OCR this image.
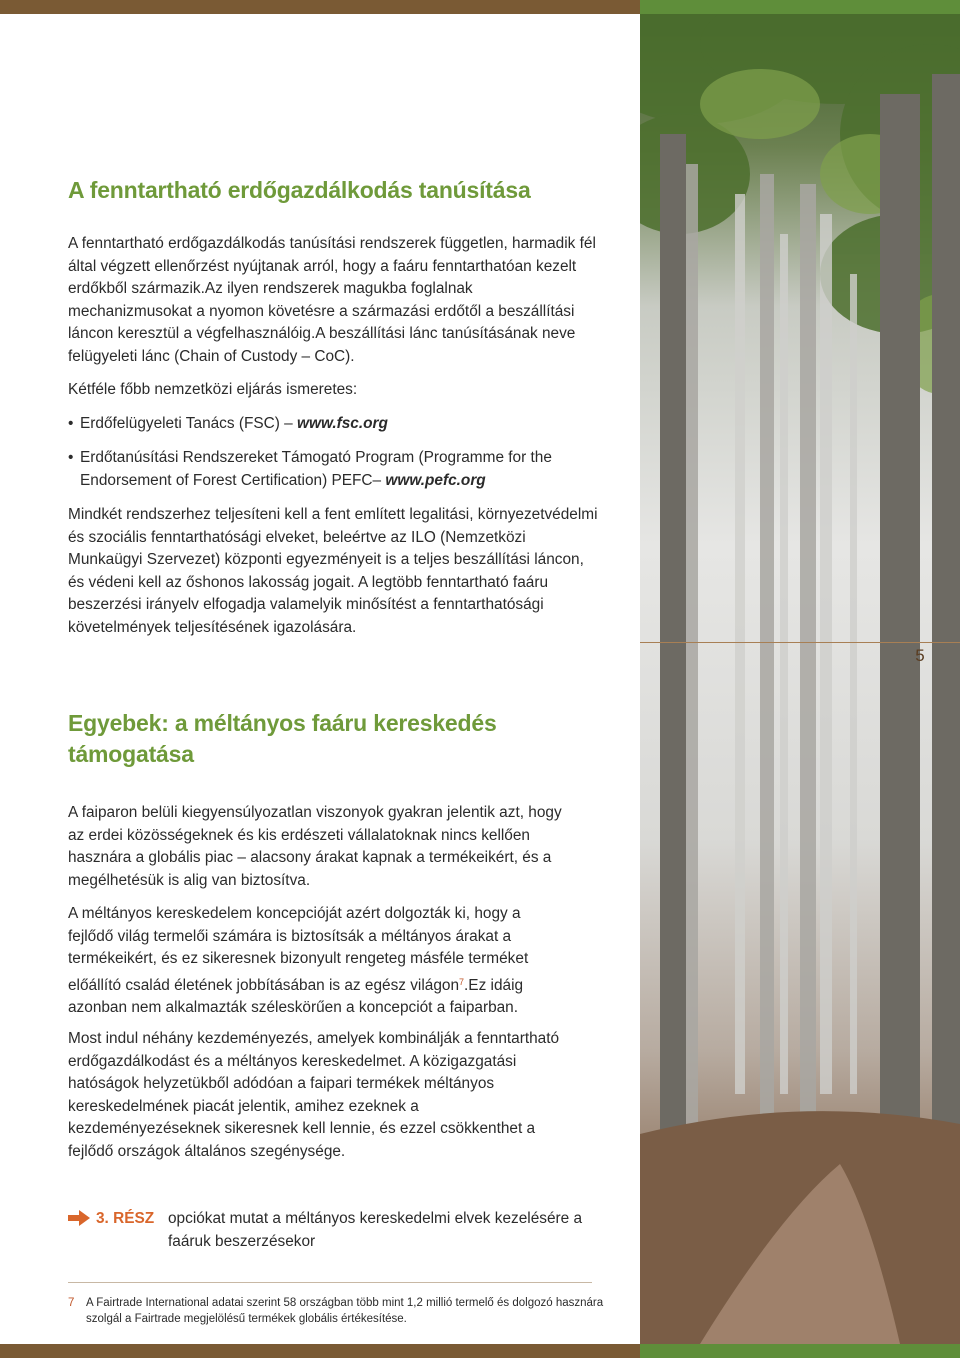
A fenntartható erdőgazdálkodás tanúsítása

A fenntartható erdőgazdálkodás tanúsítási rendszerek független, harmadik fél által végzett ellenőrzést nyújtanak arról, hogy a faáru fenntarthatóan kezelt erdőkből származik.Az ilyen rendszerek magukba foglalnak mechanizmusokat a nyomon követésre a származási erdőtől a beszállítási láncon keresztül a végfelhasználóig.A beszállítási lánc tanúsításának neve felügyeleti lánc (Chain of Custody – CoC).

Kétféle főbb nemzetközi eljárás ismeretes:

• Erdőfelügyeleti Tanács (FSC) – www.fsc.org
• Erdőtanúsítási Rendszereket Támogató Program (Programme for the Endorsement of Forest Certification) PEFC– www.pefc.org

Mindkét rendszerhez teljesíteni kell a fent említett legalitási, környezetvédelmi és szociális fenntarthatósági elveket, beleértve az ILO (Nemzetközi Munkaügyi Szervezet) központi egyezményeit is a teljes beszállítási láncon, és védeni kell az őshonos lakosság jogait. A legtöbb fenntartható faáru beszerzési irányelv elfogadja valamelyik minősítést a fenntarthatósági követelmények teljesítésének igazolására.

5
Egyebek: a méltányos faáru kereskedés
támogatása

A faiparon belüli kiegyensúlyozatlan viszonyok gyakran jelentik azt, hogy az erdei közösségeknek és kis erdészeti vállalatoknak nincs kellően hasznára a globális piac – alacsony árakat kapnak a termékeikért, és a megélhetésük is alig van biztosítva.

A méltányos kereskedelem koncepcióját azért dolgozták ki, hogy a fejlődő világ termelői számára is biztosítsák a méltányos árakat a termékeikért, és ez sikeresnek bizonyult rengeteg másféle terméket előállító család életének jobbításában is az egész világon$^7$.Ez idáig azonban nem alkalmazták széleskörűen a koncepciót a faiparban.

Most indul néhány kezdeményezés, amelyek kombinálják a fenntartható erdőgazdálkodást és a méltányos kereskedelmet. A közigazgatási hatóságok helyzetükből adódóan a faipari termékek méltányos kereskedelmének piacát jelentik, amihez ezeknek a kezdeményezéseknek sikeresnek kell lennie, és ezzel csökkenthet a fejlődő országok általános szegénysége.

3. RÉSZ opciókat mutat a méltányos kereskedelmi elvek kezelésére a faáruk beszerzésekor
7 A Fairtrade International adatai szerint 58 országban több mint 1,2 millió termelő és dolgozó hasznára szolgál a Fairtrade megjelölésű termékek globális értékesítése.
